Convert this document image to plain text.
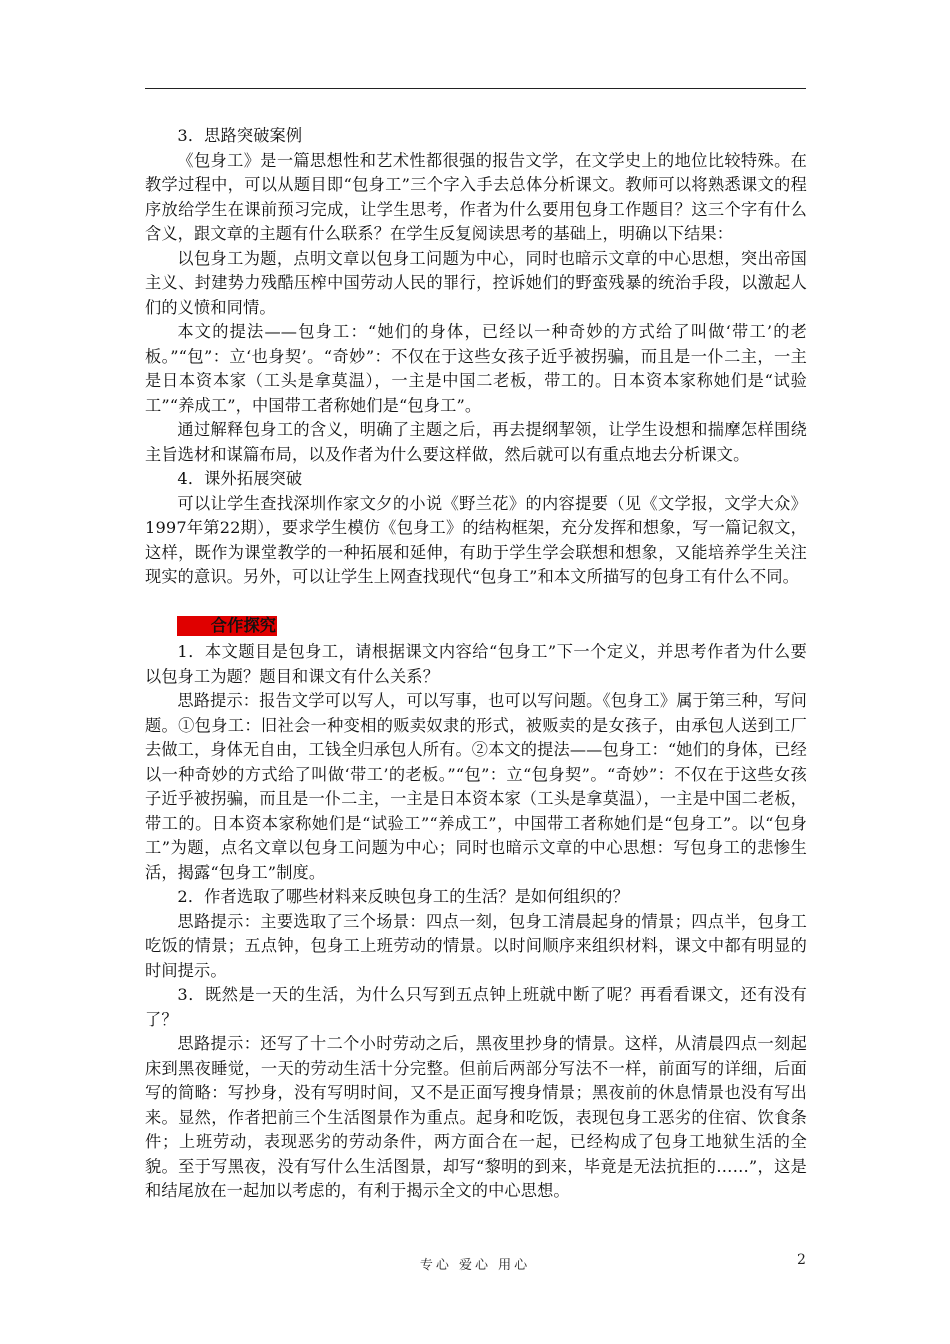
3．思路突破案例

《包身工》是一篇思想性和艺术性都很强的报告文学，在文学史上的地位比较特殊。在教学过程中，可以从题目即“包身工”三个字入手去总体分析课文。教师可以将熟悉课文的程序放给学生在课前预习完成，让学生思考，作者为什么要用包身工作题目？这三个字有什么含义，跟文章的主题有什么联系？在学生反复阅读思考的基础上，明确以下结果：

以包身工为题，点明文章以包身工问题为中心，同时也暗示文章的中心思想，突出帝国主义、封建势力残酷压榨中国劳动人民的罪行，控诉她们的野蛮残暴的统治手段，以激起人们的义愤和同情。

本文的提法——包身工：“她们的身体，已经以一种奇妙的方式给了叫做‘带工’的老板。”“包”：立‘也身契’。“奇妙”：不仅在于这些女孩子近乎被拐骗，而且是一仆二主，一主是日本资本家（工头是拿莫温），一主是中国二老板，带工的。日本资本家称她们是“试验工”“养成工”，中国带工者称她们是“包身工”。

通过解释包身工的含义，明确了主题之后，再去提纲挈领，让学生设想和揣摩怎样围绕主旨选材和谋篇布局，以及作者为什么要这样做，然后就可以有重点地去分析课文。

4．课外拓展突破

可以让学生查找深圳作家文夕的小说《野兰花》的内容提要（见《文学报，文学大众》1997年第22期），要求学生模仿《包身工》的结构框架，充分发挥和想象，写一篇记叙文，这样，既作为课堂教学的一种拓展和延伸，有助于学生学会联想和想象，又能培养学生关注现实的意识。另外，可以让学生上网查找现代“包身工”和本文所描写的包身工有什么不同。

合作探究

1．本文题目是包身工，请根据课文内容给“包身工”下一个定义，并思考作者为什么要以包身工为题？题目和课文有什么关系？

思路提示：报告文学可以写人，可以写事，也可以写问题。《包身工》属于第三种，写问题。①包身工：旧社会一种变相的贩卖奴隶的形式，被贩卖的是女孩子，由承包人送到工厂去做工，身体无自由，工钱全归承包人所有。②本文的提法——包身工：“她们的身体，已经以一种奇妙的方式给了叫做‘带工’的老板。”“包”：立“包身契”。“奇妙”：不仅在于这些女孩子近乎被拐骗，而且是一仆二主，一主是日本资本家（工头是拿莫温），一主是中国二老板，带工的。日本资本家称她们是“试验工”“养成工”，中国带工者称她们是“包身工”。以“包身工”为题，点名文章以包身工问题为中心；同时也暗示文章的中心思想：写包身工的悲惨生活，揭露“包身工”制度。

2．作者选取了哪些材料来反映包身工的生活？是如何组织的？

思路提示：主要选取了三个场景：四点一刻，包身工清晨起身的情景；四点半，包身工吃饭的情景；五点钟，包身工上班劳动的情景。以时间顺序来组织材料，课文中都有明显的时间提示。

3．既然是一天的生活，为什么只写到五点钟上班就中断了呢？再看看课文，还有没有了？

思路提示：还写了十二个小时劳动之后，黑夜里抄身的情景。这样，从清晨四点一刻起床到黑夜睡觉，一天的劳动生活十分完整。但前后两部分写法不一样，前面写的详细，后面写的简略：写抄身，没有写明时间，又不是正面写搜身情景；黑夜前的休息情景也没有写出来。显然，作者把前三个生活图景作为重点。起身和吃饭，表现包身工恶劣的住宿、饮食条件；上班劳动，表现恶劣的劳动条件，两方面合在一起，已经构成了包身工地狱生活的全貌。至于写黑夜，没有写什么生活图景，却写“黎明的到来，毕竟是无法抗拒的……”，这是和结尾放在一起加以考虑的，有利于揭示全文的中心思想。

专心 爱心 用心	2
